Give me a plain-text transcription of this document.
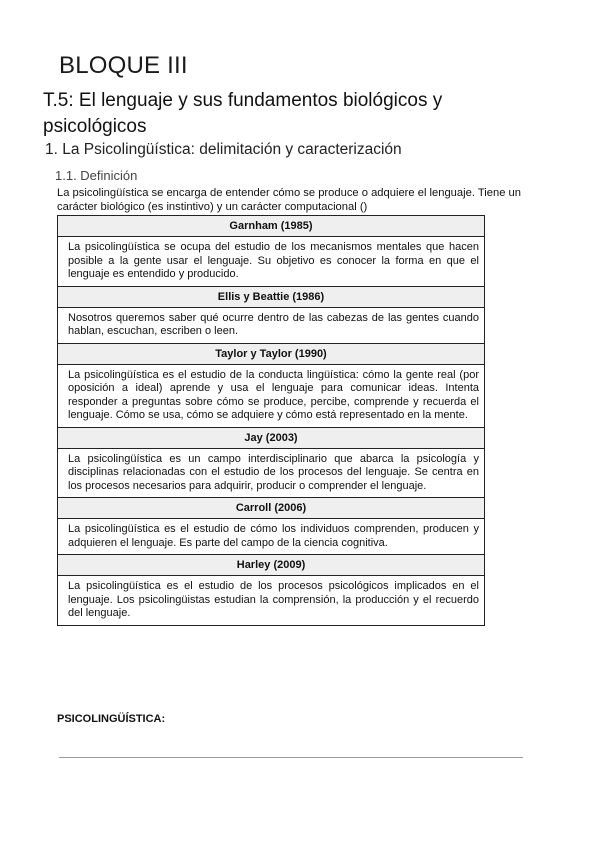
BLOQUE III
T.5: El lenguaje y sus fundamentos biológicos y psicológicos
1. La Psicolingüística: delimitación y caracterización
1.1. Definición

La psicolingüística se encarga de entender cómo se produce o adquiere el lenguaje. Tiene un carácter biológico (es instintivo) y un carácter computacional ()

Garnham (1985)
La psicolingüística se ocupa del estudio de los mecanismos mentales que hacen posible a la gente usar el lenguaje. Su objetivo es conocer la forma en que el lenguaje es entendido y producido.
Ellis y Beattie (1986)
Nosotros queremos saber qué ocurre dentro de las cabezas de las gentes cuando hablan, escuchan, escriben o leen.
Taylor y Taylor (1990)
La psicolingüística es el estudio de la conducta lingüística: cómo la gente real (por oposición a ideal) aprende y usa el lenguaje para comunicar ideas. Intenta responder a preguntas sobre cómo se produce, percibe, comprende y recuerda el lenguaje. Cómo se usa, cómo se adquiere y cómo está representado en la mente.
Jay (2003)
La psicolingüística es un campo interdisciplinario que abarca la psicología y disciplinas relacionadas con el estudio de los procesos del lenguaje. Se centra en los procesos necesarios para adquirir, producir o comprender el lenguaje.
Carroll (2006)
La psicolingüística es el estudio de cómo los individuos comprenden, producen y adquieren el lenguaje. Es parte del campo de la ciencia cognitiva.
Harley (2009)
La psicolingüística es el estudio de los procesos psicológicos implicados en el lenguaje. Los psicolingüistas estudian la comprensión, la producción y el recuerdo del lenguaje.

PSICOLINGÜÍSTICA:
